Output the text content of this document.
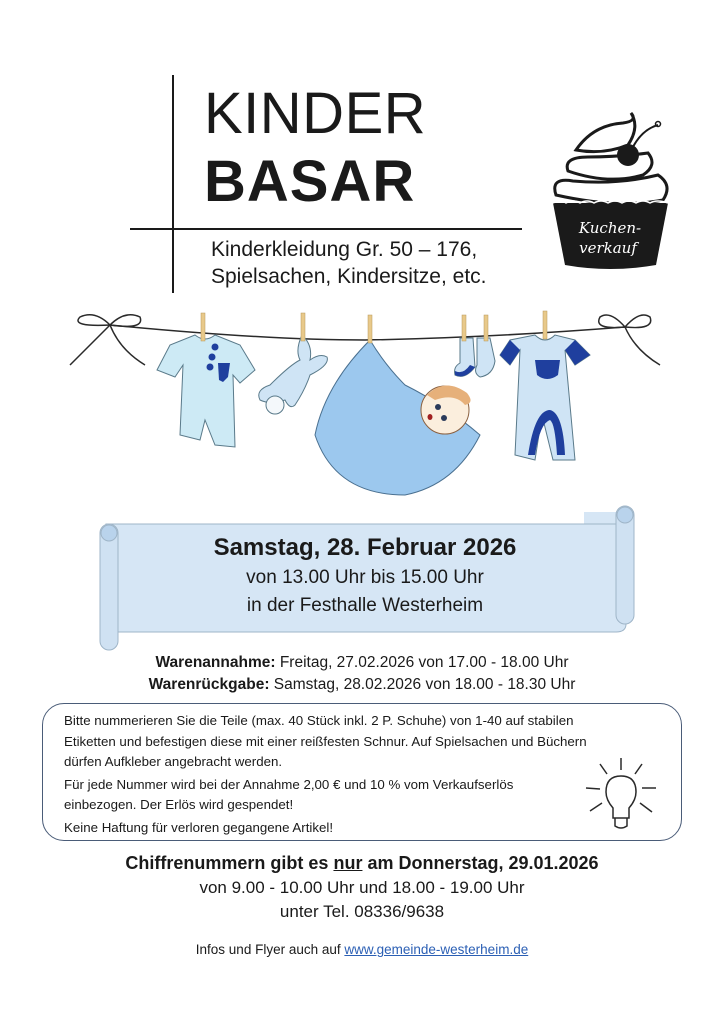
KINDER
BASAR
Kinderkleidung Gr. 50 – 176,
Spielsachen, Kindersitze, etc.
Kuchen-
verkauf
Samstag, 28. Februar 2026
von 13.00 Uhr bis 15.00 Uhr
in der Festhalle Westerheim
Warenannahme: Freitag, 27.02.2026 von 17.00 - 18.00 Uhr
Warenrückgabe: Samstag, 28.02.2026 von 18.00 - 18.30 Uhr

Bitte nummerieren Sie die Teile (max. 40 Stück inkl. 2 P. Schuhe) von 1-40 auf stabilen Etiketten und befestigen diese mit einer reißfesten Schnur. Auf Spielsachen und Büchern dürfen Aufkleber angebracht werden.

Für jede Nummer wird bei der Annahme 2,00 € und 10 % vom Verkaufserlös einbezogen. Der Erlös wird gespendet!

Keine Haftung für verloren gegangene Artikel!

Chiffrenummern gibt es nur am Donnerstag, 29.01.2026
von 9.00 - 10.00 Uhr und 18.00 - 19.00 Uhr
unter Tel. 08336/9638
Infos und Flyer auch auf www.gemeinde-westerheim.de
